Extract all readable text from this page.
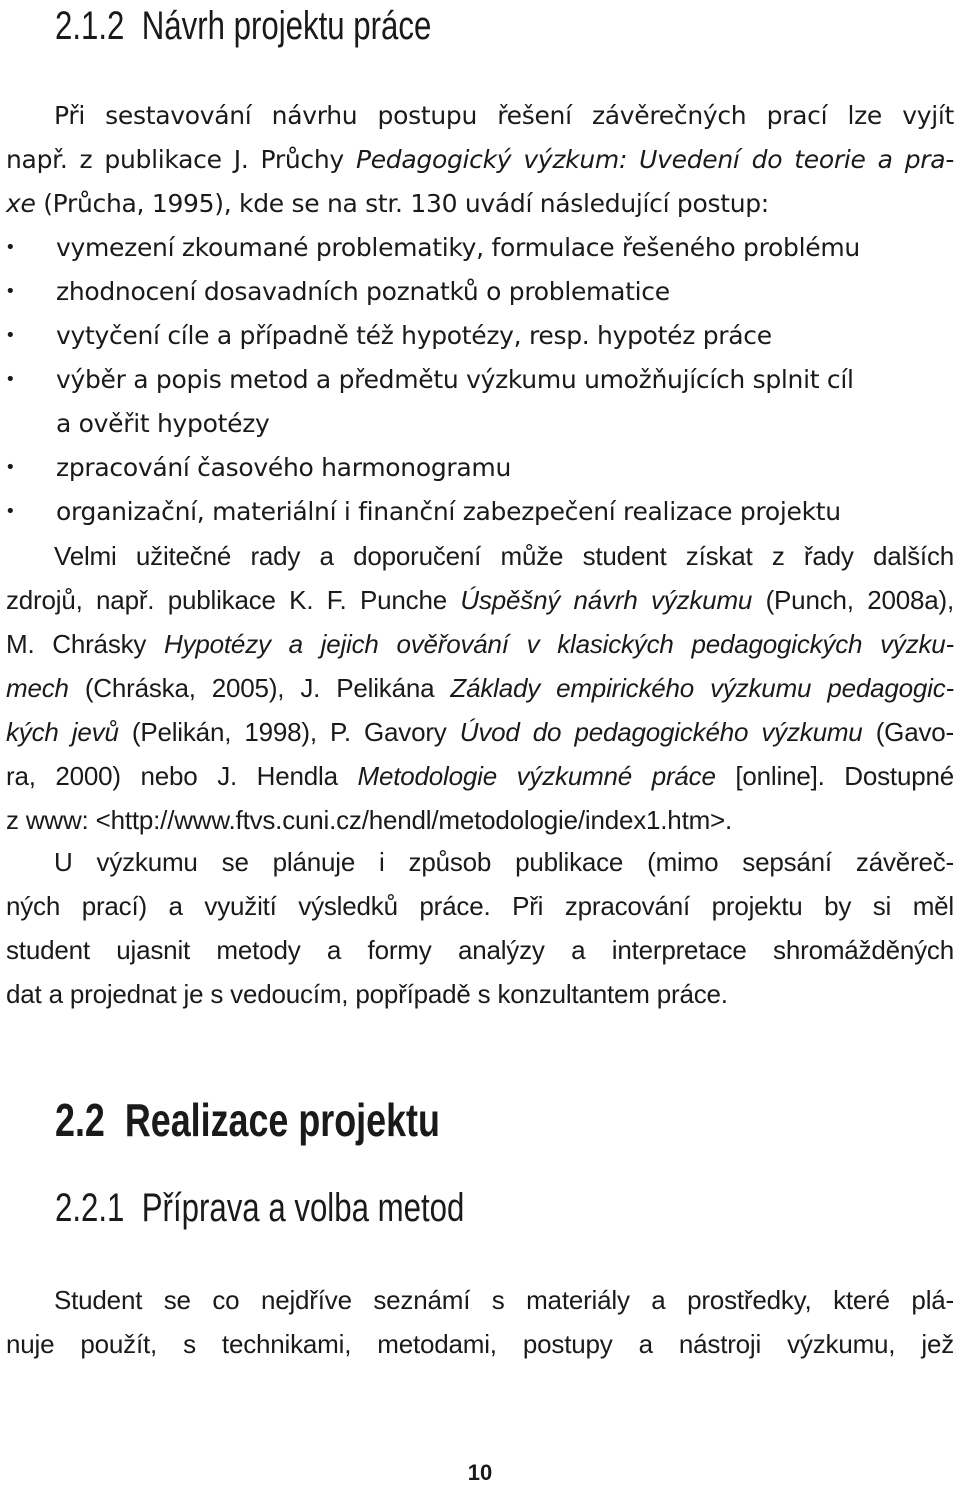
2.1.2 Návrh projektu práce
Při sestavování návrhu postupu řešení závěrečných prací lze vyjít
např. z publikace J. Průchy Pedagogický výzkum: Uvedení do teorie a pra-
xe (Průcha, 1995), kde se na str. 130 uvádí následující postup:
• vymezení zkoumané problematiky, formulace řešeného problému
• zhodnocení dosavadních poznatků o problematice
• vytyčení cíle a případně též hypotézy, resp. hypotéz práce
• výběr a popis metod a předmětu výzkumu umožňujících splnit cíl
a ověřit hypotézy
• zpracování časového harmonogramu
• organizační, materiální i finanční zabezpečení realizace projektu
Velmi užitečné rady a doporučení může student získat z řady dalších
zdrojů, např. publikace K. F. Punche Úspěšný návrh výzkumu (Punch, 2008a),
M. Chrásky Hypotézy a jejich ověřování v klasických pedagogických výzku-
mech (Chráska, 2005), J. Pelikána Základy empirického výzkumu pedagogic-
kých jevů (Pelikán, 1998), P. Gavory Úvod do pedagogického výzkumu (Gavo-
ra, 2000) nebo J. Hendla Metodologie výzkumné práce [online]. Dostupné
z www: <http://www.ftvs.cuni.cz/hendl/metodologie/index1.htm>.
U výzkumu se plánuje i způsob publikace (mimo sepsání závěreč-
ných prací) a využití výsledků práce. Při zpracování projektu by si měl
student ujasnit metody a formy analýzy a interpretace shromážděných
dat a projednat je s vedoucím, popřípadě s konzultantem práce.
2.2 Realizace projektu
2.2.1 Příprava a volba metod
Student se co nejdříve seznámí s materiály a prostředky, které plá-
nuje použít, s technikami, metodami, postupy a nástroji výzkumu, jež
10
